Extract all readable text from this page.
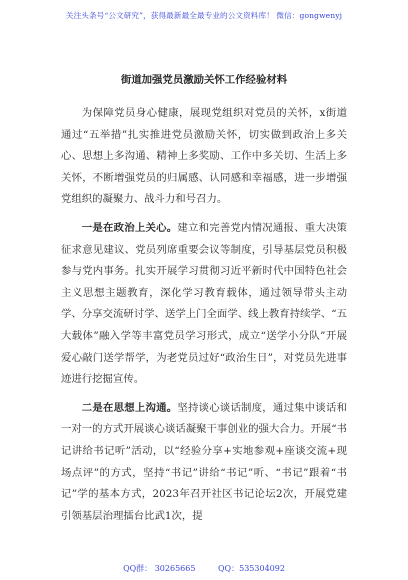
关注头条号“公文研究”，获得最新最全最专业的公文资料库！ 微信：gongwenyj
街道加强党员激励关怀工作经验材料

为保障党员身心健康，展现党组织对党员的关怀，x街道通过“五举措”扎实推进党员激励关怀，切实做到政治上多关心、思想上多沟通、精神上多奖励、工作中多关切、生活上多关怀，不断增强党员的归属感、认同感和幸福感，进一步增强党组织的凝聚力、战斗力和号召力。

一是在政治上关心。建立和完善党内情况通报、重大决策征求意见建议、党员列席重要会议等制度，引导基层党员积极参与党内事务。扎实开展学习贯彻习近平新时代中国特色社会主义思想主题教育，深化学习教育载体，通过领导带头主动学、分享交流研讨学、送学上门全面学、线上教育持续学、“五大载体”融入学等丰富党员学习形式，成立“送学小分队”开展爱心敲门送学帮学，为老党员过好“政治生日”，对党员先进事迹进行挖掘宣传。

二是在思想上沟通。坚持谈心谈话制度，通过集中谈话和一对一的方式开展谈心谈话凝聚干事创业的强大合力。开展“书记讲给书记听”活动，以“经验分享+实地参观+座谈交流+现场点评”的方式，坚持“书记”讲给“书记”听、“书记”跟着“书记”学的基本方式，2023年召开社区书记论坛2次，开展党建引领基层治理擂台比武1次，提

QQ群： 30265665	QQ：535304092
